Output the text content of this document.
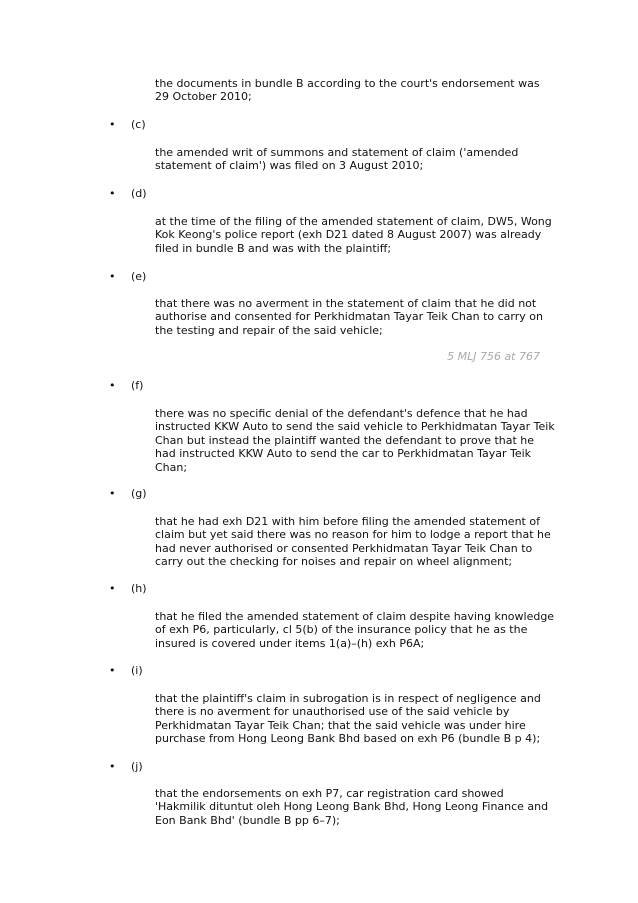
the documents in bundle B according to the court's endorsement was 29 October 2010;

• (c)

the amended writ of summons and statement of claim ('amended statement of claim') was filed on 3 August 2010;

• (d)

at the time of the filing of the amended statement of claim, DW5, Wong Kok Keong's police report (exh D21 dated 8 August 2007) was already filed in bundle B and was with the plaintiff;

• (e)

that there was no averment in the statement of claim that he did not authorise and consented for Perkhidmatan Tayar Teik Chan to carry on the testing and repair of the said vehicle;

5 MLJ 756 at 767
• (f)

there was no specific denial of the defendant's defence that he had instructed KKW Auto to send the said vehicle to Perkhidmatan Tayar Teik Chan but instead the plaintiff wanted the defendant to prove that he had instructed KKW Auto to send the car to Perkhidmatan Tayar Teik Chan;

• (g)

that he had exh D21 with him before filing the amended statement of claim but yet said there was no reason for him to lodge a report that he had never authorised or consented Perkhidmatan Tayar Teik Chan to carry out the checking for noises and repair on wheel alignment;

• (h)

that he filed the amended statement of claim despite having knowledge of exh P6, particularly, cl 5(b) of the insurance policy that he as the insured is covered under items 1(a)–(h) exh P6A;

• (i)

that the plaintiff's claim in subrogation is in respect of negligence and there is no averment for unauthorised use of the said vehicle by Perkhidmatan Tayar Teik Chan; that the said vehicle was under hire purchase from Hong Leong Bank Bhd based on exh P6 (bundle B p 4);

• (j)

that the endorsements on exh P7, car registration card showed 'Hakmilik dituntut oleh Hong Leong Bank Bhd, Hong Leong Finance and Eon Bank Bhd' (bundle B pp 6–7);
